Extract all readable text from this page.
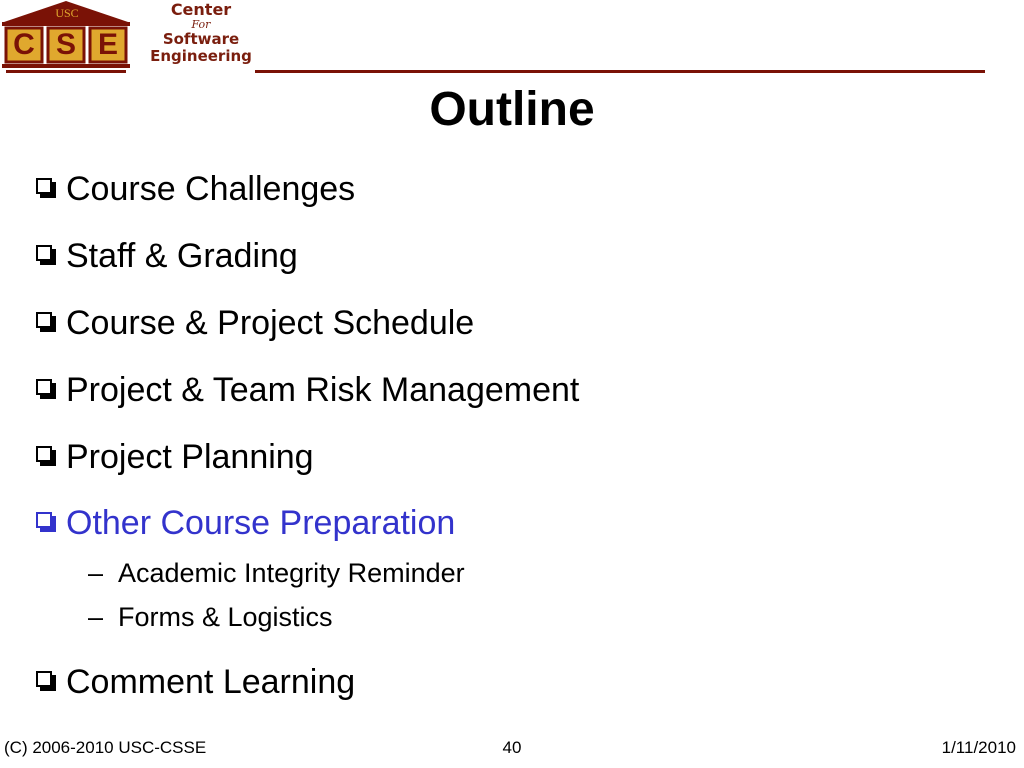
USC
C S E
Center
For
Software
Engineering
Outline
Course Challenges
Staff & Grading
Course & Project Schedule
Project & Team Risk Management
Project Planning
Other Course Preparation
– Academic Integrity Reminder
– Forms & Logistics
Comment Learning
(C) 2006-2010 USC-CSSE	40	1/11/2010
